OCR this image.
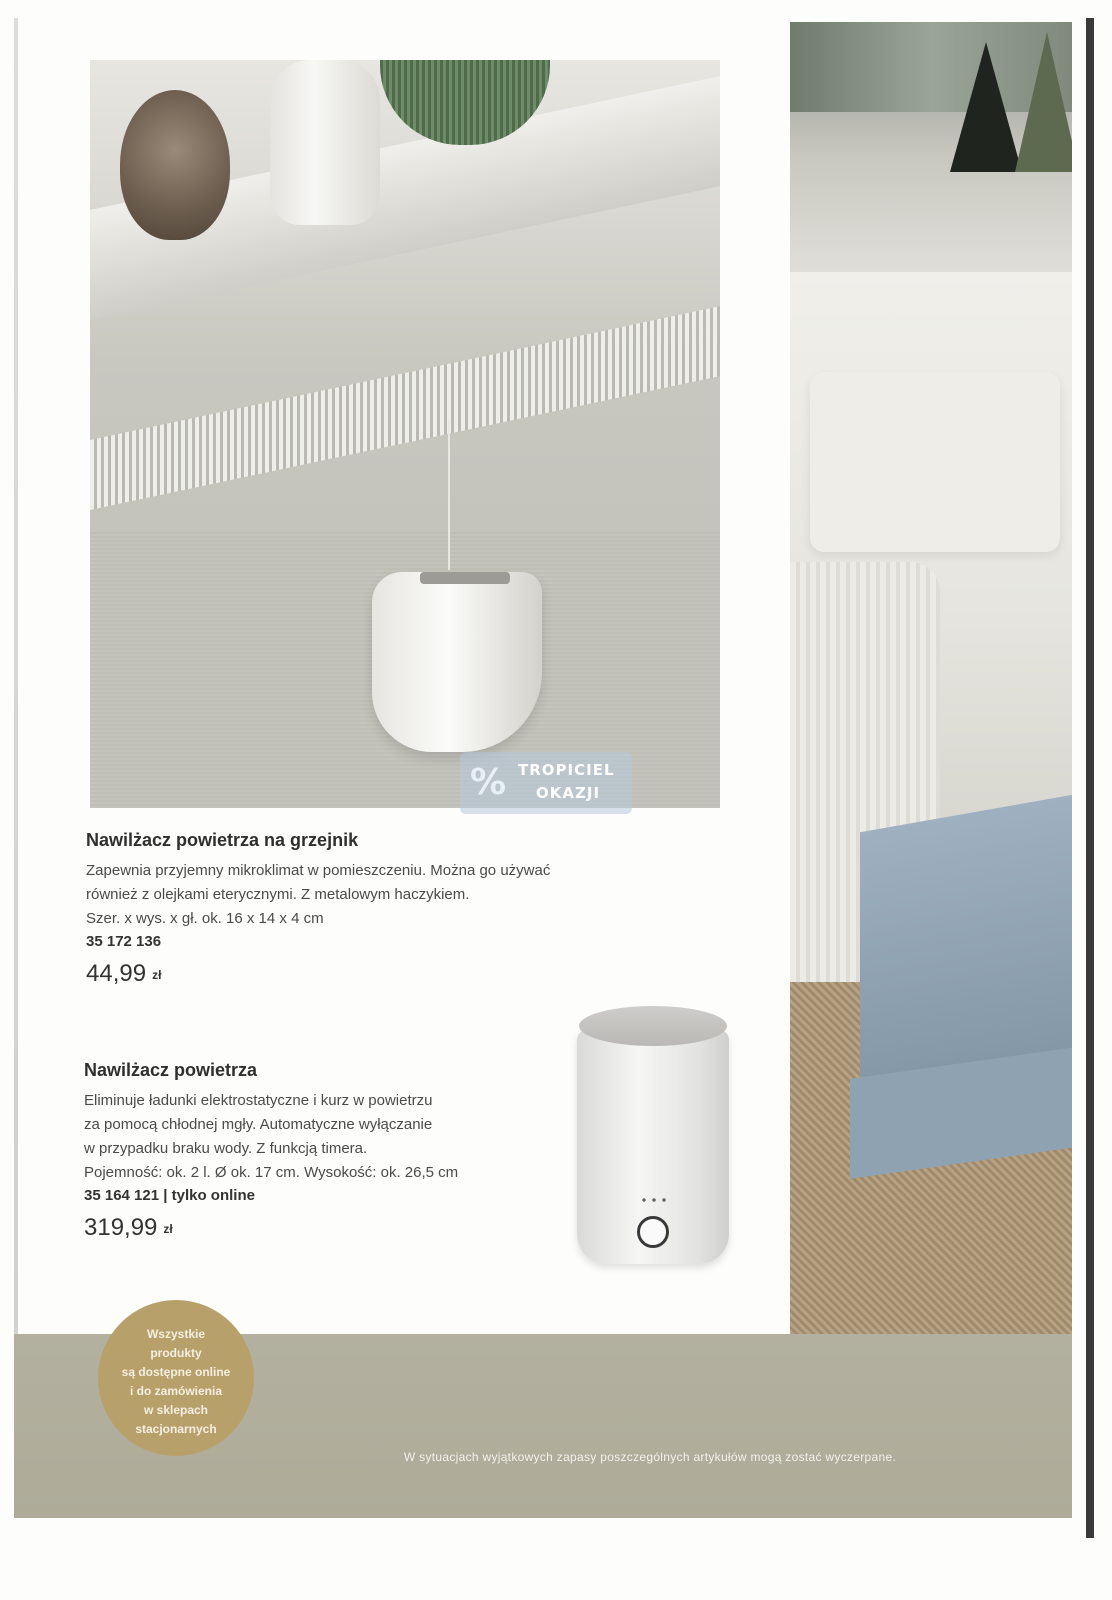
% TROPICIEL
OKAZJI
Nawilżacz powietrza na grzejnik
Zapewnia przyjemny mikroklimat w pomieszczeniu. Można go używać
również z olejkami eterycznymi. Z metalowym haczykiem.
Szer. x wys. x gł. ok. 16 x 14 x 4 cm
35 172 136
44,99 zł
Nawilżacz powietrza
Eliminuje ładunki elektrostatyczne i kurz w powietrzu
za pomocą chłodnej mgły. Automatyczne wyłączanie
w przypadku braku wody. Z funkcją timera.
Pojemność: ok. 2 l. Ø ok. 17 cm. Wysokość: ok. 26,5 cm
35 164 121 | tylko online
319,99 zł
Wszystkie
produkty
są dostępne online
i do zamówienia
w sklepach
stacjonarnych
W sytuacjach wyjątkowych zapasy poszczególnych artykułów mogą zostać wyczerpane.
